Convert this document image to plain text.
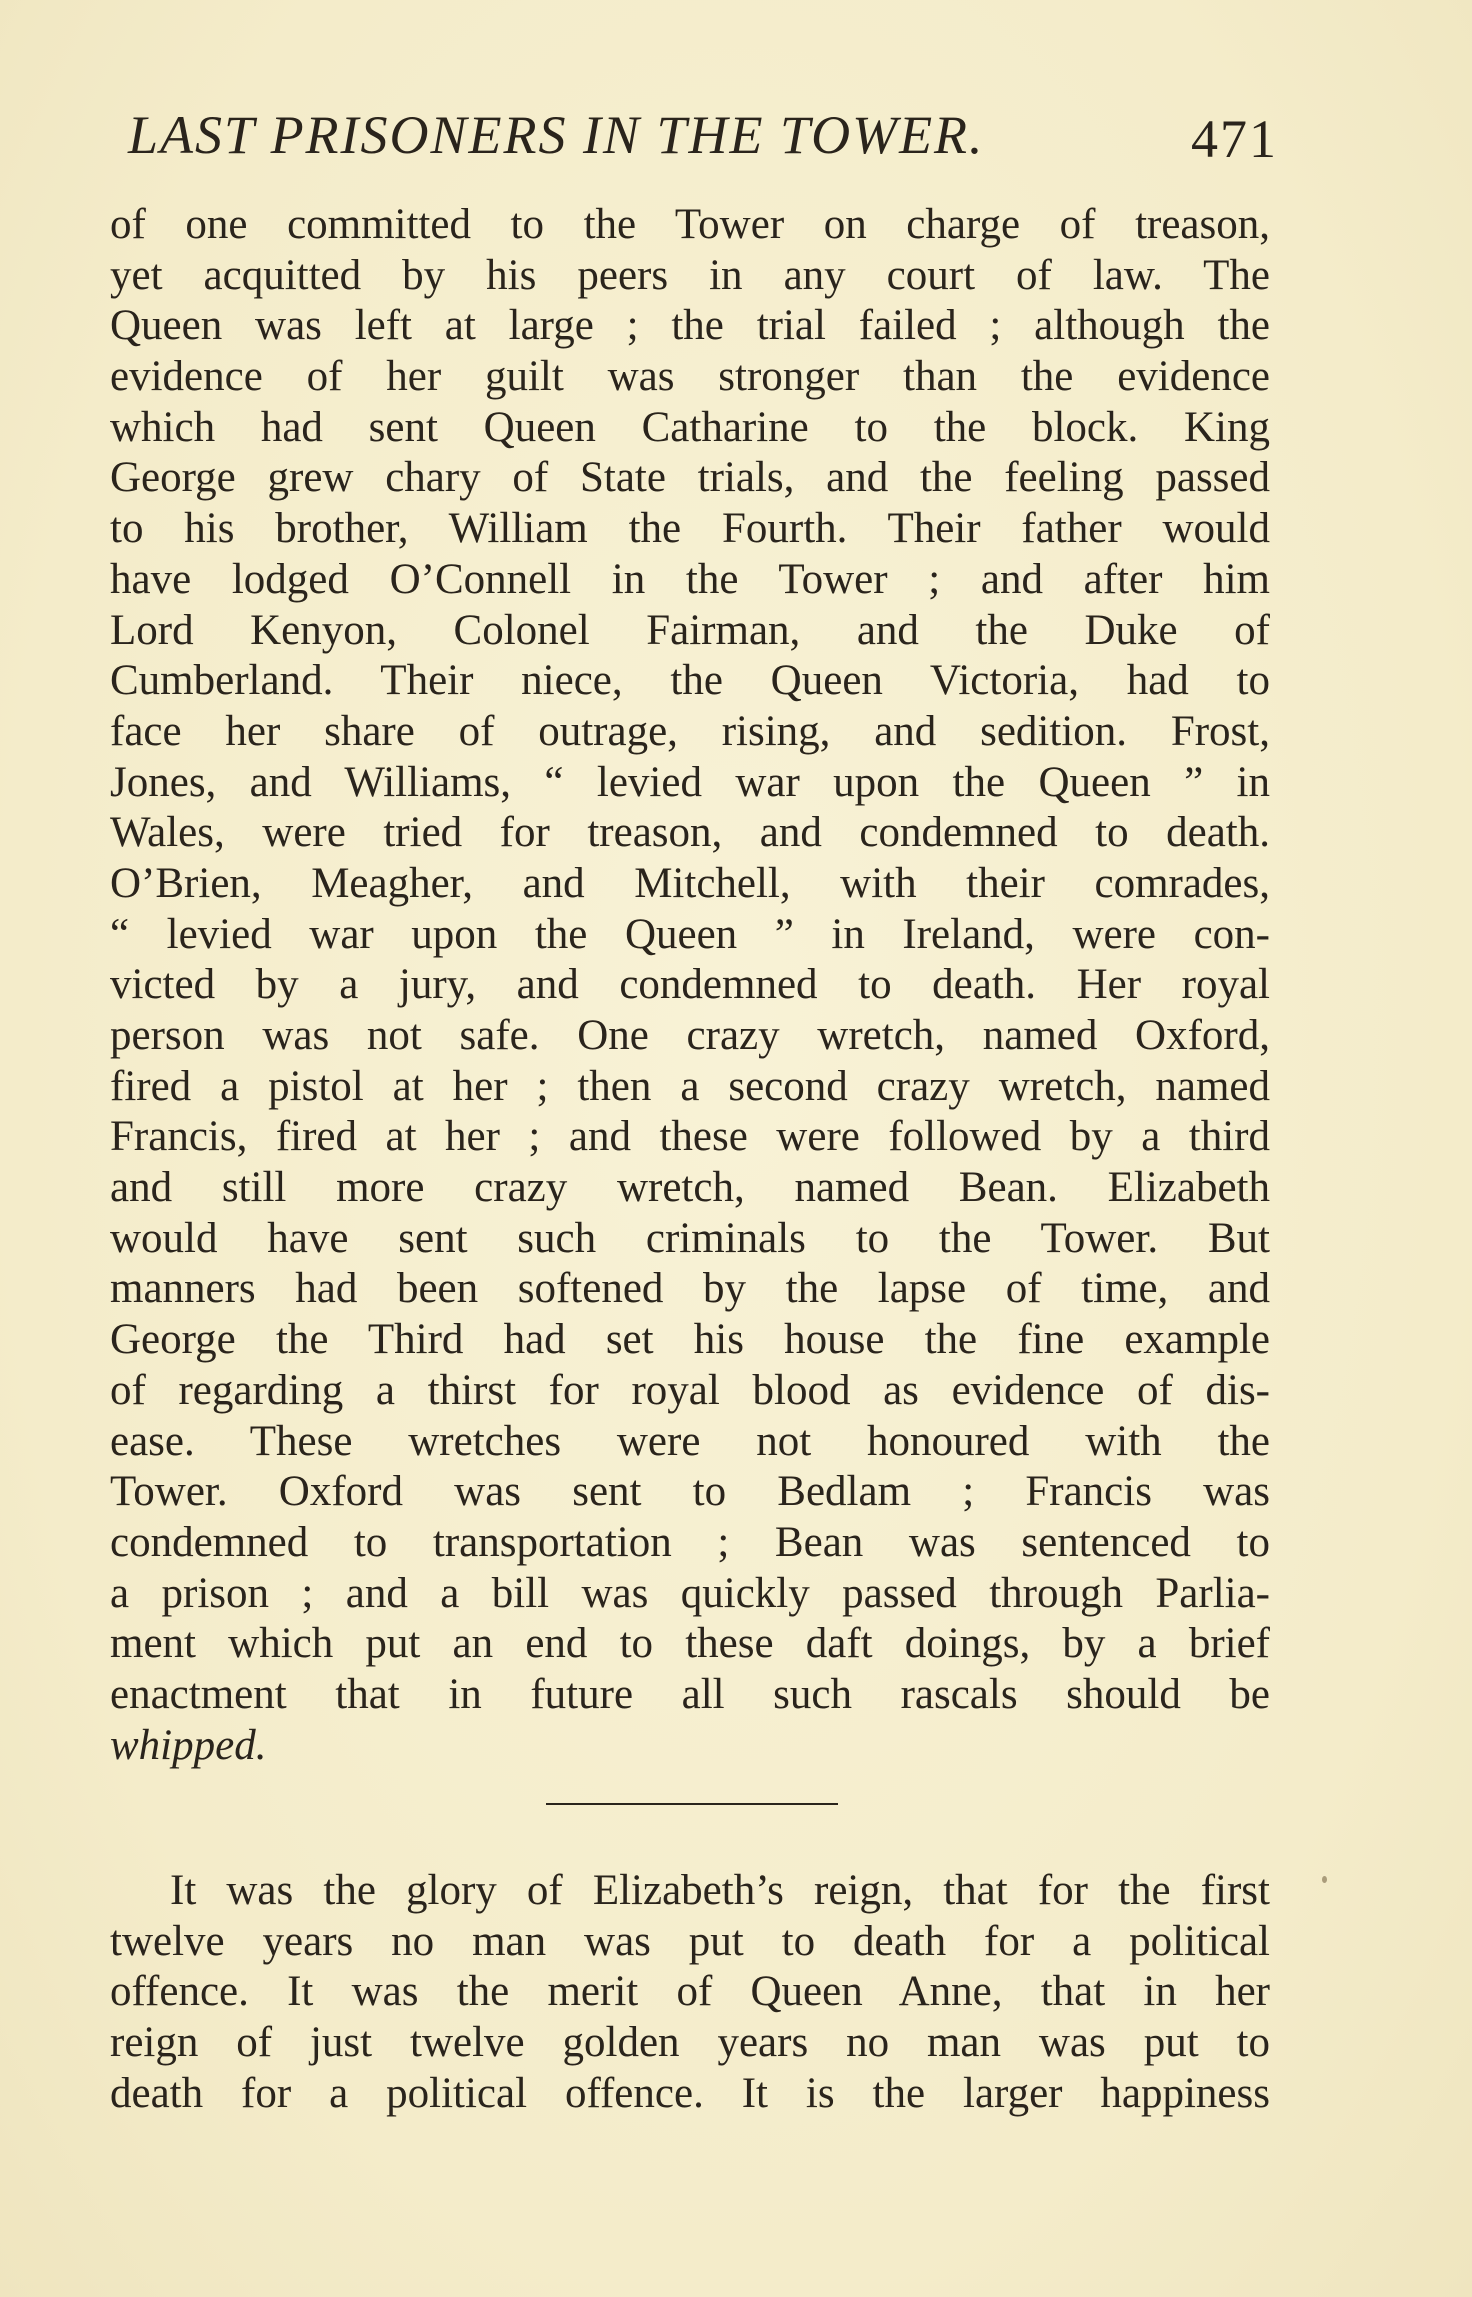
LAST PRISONERS IN THE TOWER.	471
of one committed to the Tower on charge of treason,
yet acquitted by his peers in any court of law. The
Queen was left at large ; the trial failed ; although the
evidence of her guilt was stronger than the evidence
which had sent Queen Catharine to the block. King
George grew chary of State trials, and the feeling passed
to his brother, William the Fourth. Their father would
have lodged O’Connell in the Tower ; and after him
Lord Kenyon, Colonel Fairman, and the Duke of
Cumberland. Their niece, the Queen Victoria, had to
face her share of outrage, rising, and sedition. Frost,
Jones, and Williams, “ levied war upon the Queen ” in
Wales, were tried for treason, and condemned to death.
O’Brien, Meagher, and Mitchell, with their comrades,
“ levied war upon the Queen ” in Ireland, were con-
victed by a jury, and condemned to death. Her royal
person was not safe. One crazy wretch, named Oxford,
fired a pistol at her ; then a second crazy wretch, named
Francis, fired at her ; and these were followed by a third
and still more crazy wretch, named Bean. Elizabeth
would have sent such criminals to the Tower. But
manners had been softened by the lapse of time, and
George the Third had set his house the fine example
of regarding a thirst for royal blood as evidence of dis-
ease. These wretches were not honoured with the
Tower. Oxford was sent to Bedlam ; Francis was
condemned to transportation ; Bean was sentenced to
a prison ; and a bill was quickly passed through Parlia-
ment which put an end to these daft doings, by a brief
enactment that in future all such rascals should be
whipped.
It was the glory of Elizabeth’s reign, that for the first
twelve years no man was put to death for a political
offence. It was the merit of Queen Anne, that in her
reign of just twelve golden years no man was put to
death for a political offence. It is the larger happiness
